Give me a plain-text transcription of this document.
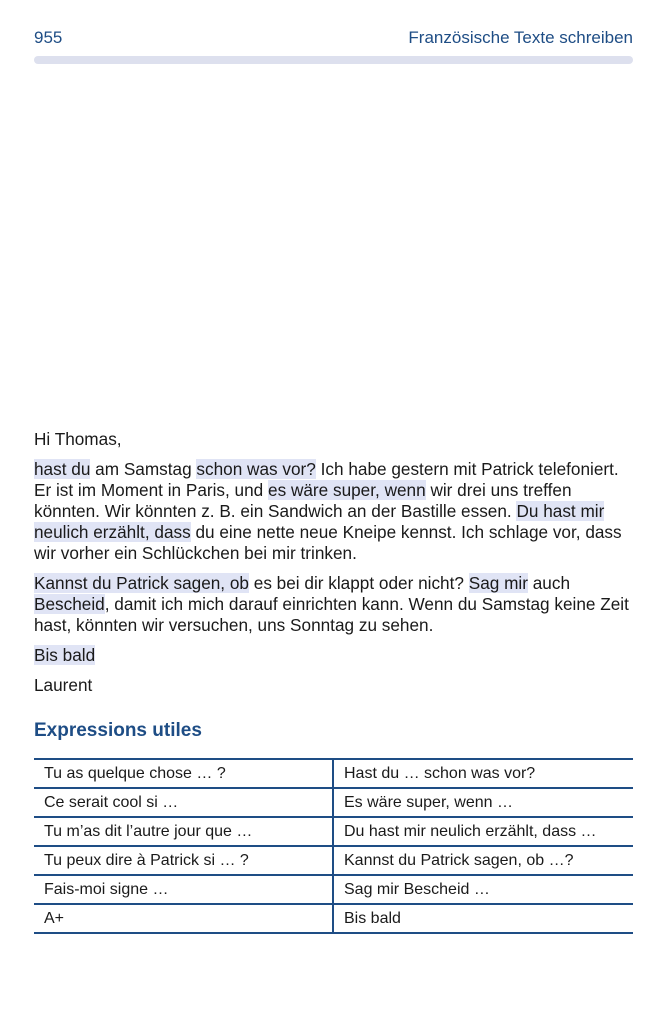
955	Französische Texte schreiben

Hi Thomas,

hast du am Samstag schon was vor? Ich habe gestern mit Patrick telefoniert. Er ist im Moment in Paris, und es wäre super, wenn wir drei uns treffen könnten. Wir könnten z. B. ein Sandwich an der Bastille essen. Du hast mir neulich erzählt, dass du eine nette neue Kneipe kennst. Ich schlage vor, dass wir vorher ein Schlückchen bei mir trinken.

Kannst du Patrick sagen, ob es bei dir klappt oder nicht? Sag mir auch Bescheid, damit ich mich darauf einrichten kann. Wenn du Samstag keine Zeit hast, könnten wir versuchen, uns Sonntag zu sehen.

Bis bald

Laurent

Expressions utiles
Tu as quelque chose … ?	Hast du … schon was vor?
Ce serait cool si …	Es wäre super, wenn …
Tu m’as dit l’autre jour que …	Du hast mir neulich erzählt, dass …
Tu peux dire à Patrick si … ?	Kannst du Patrick sagen, ob …?
Fais-moi signe …	Sag mir Bescheid …
A+	Bis bald
